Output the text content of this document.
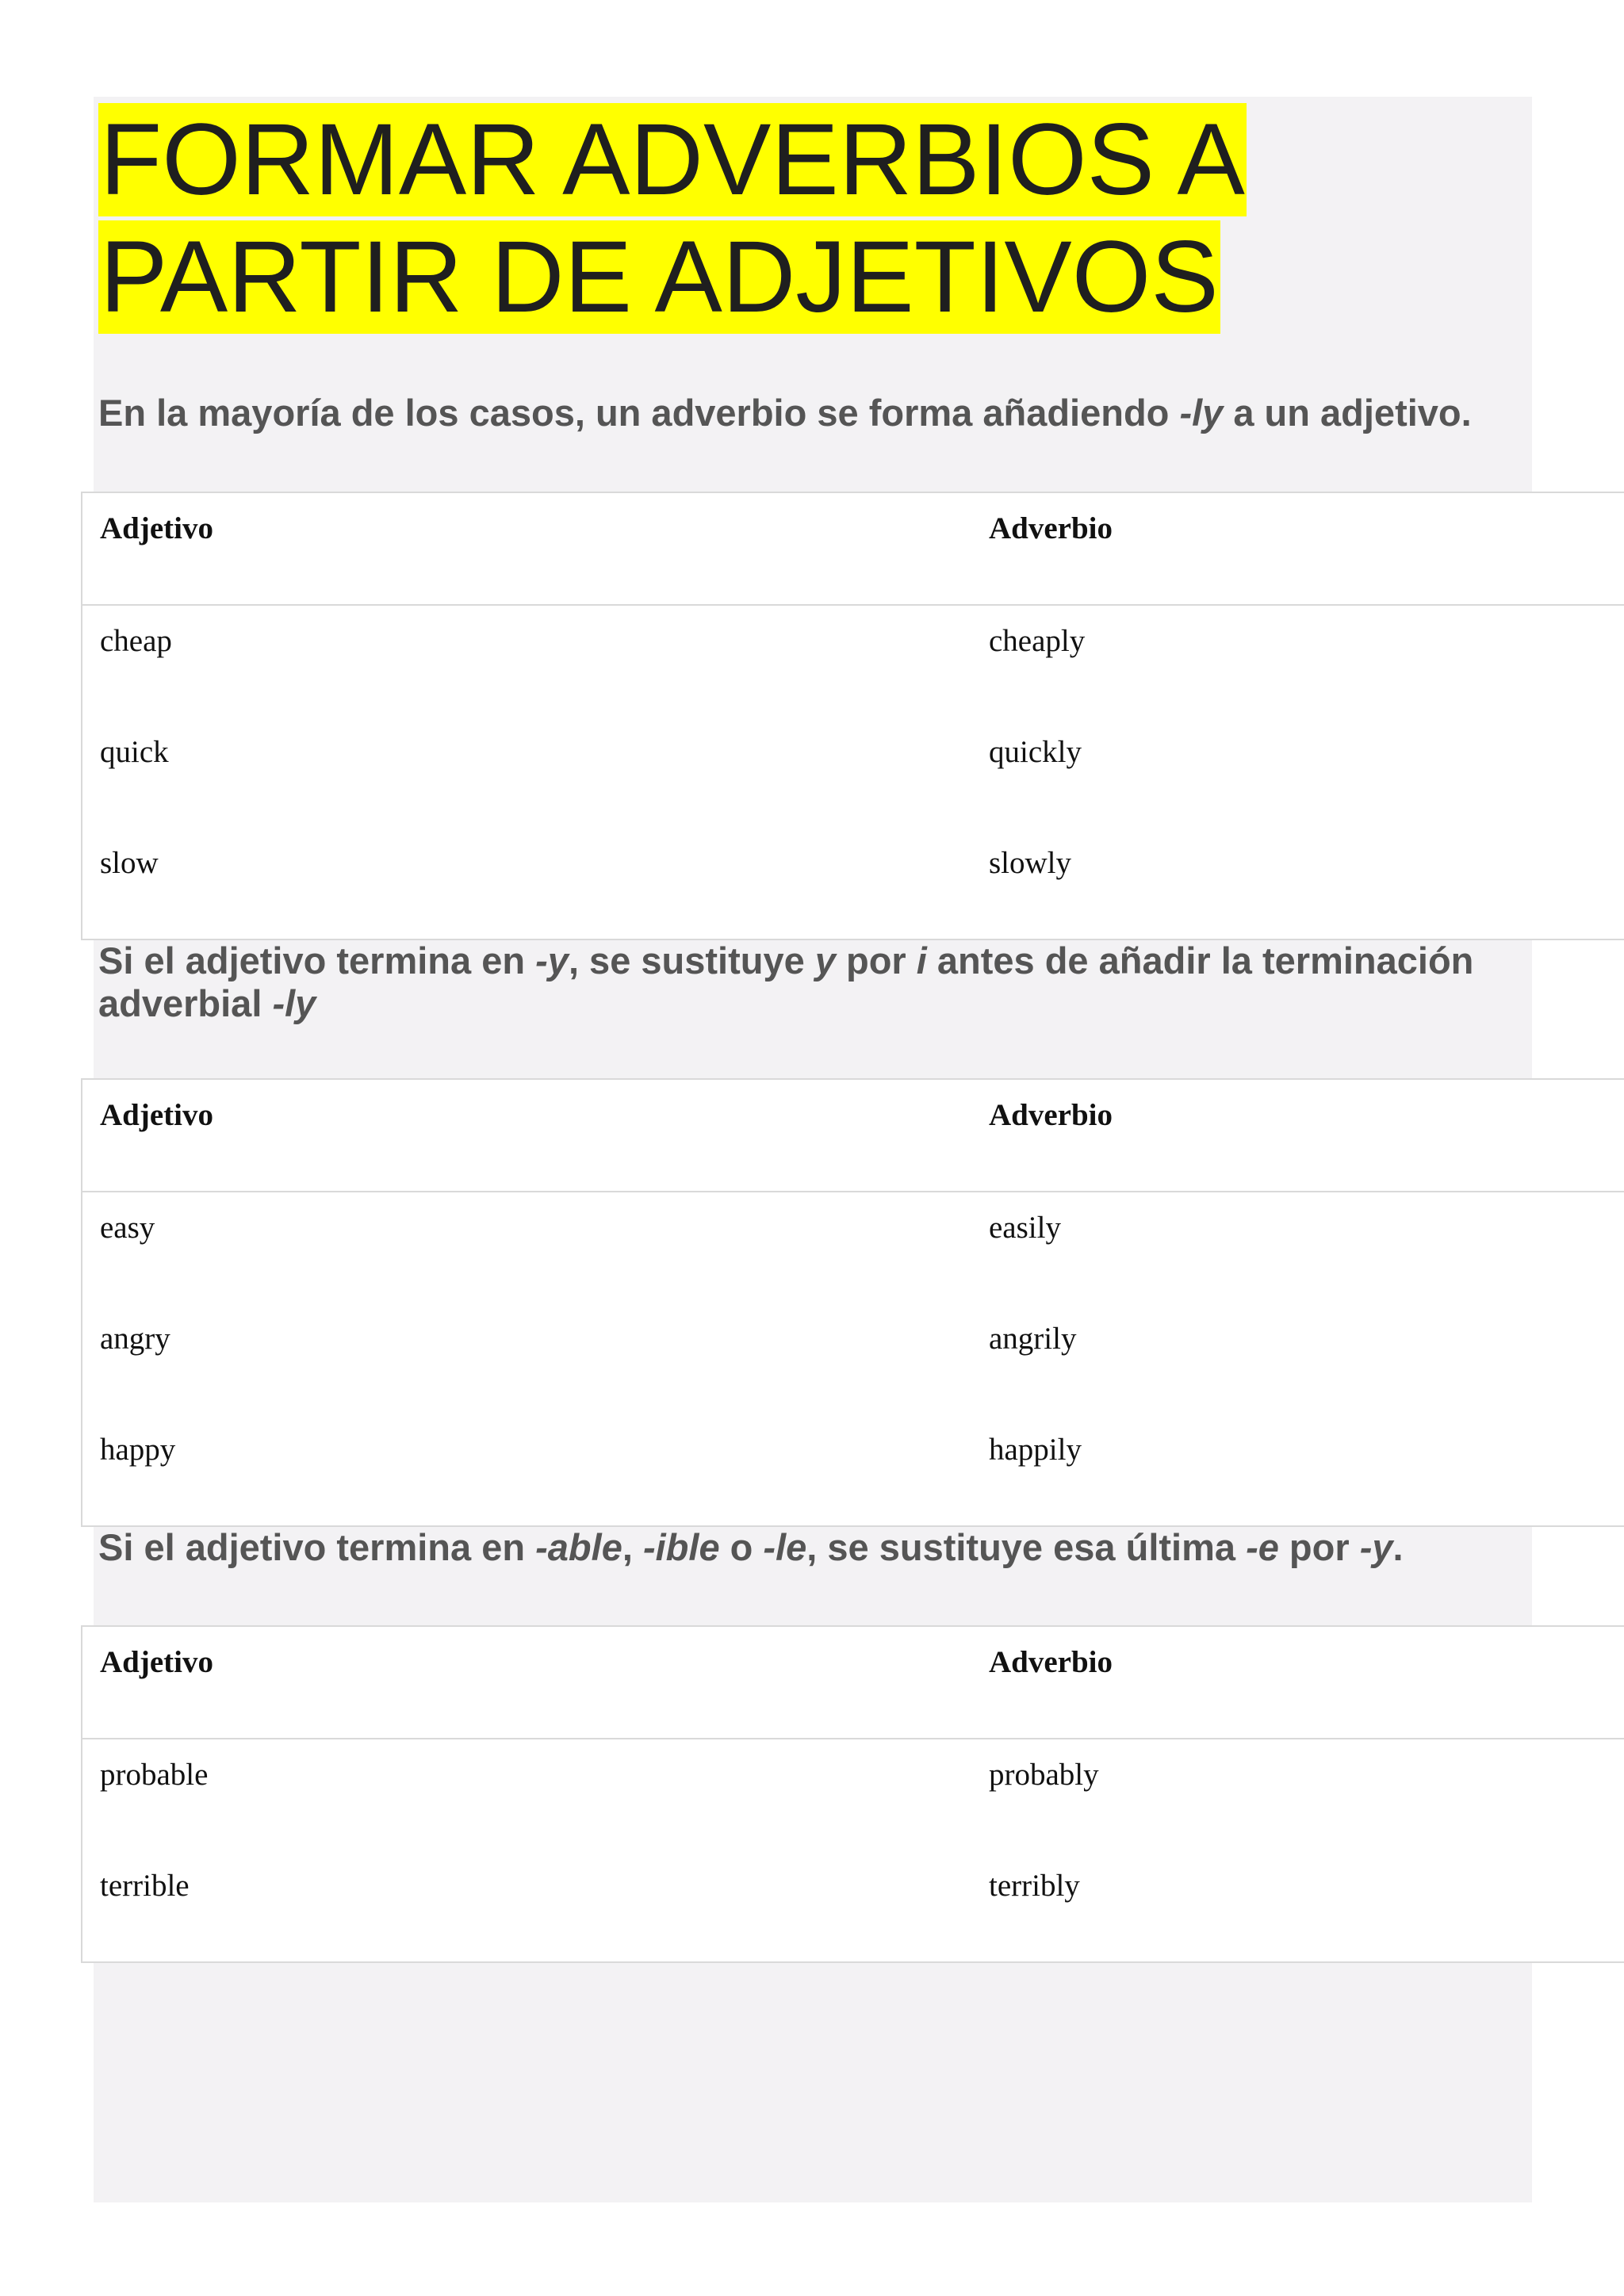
FORMAR ADVERBIOS A
PARTIR DE ADJETIVOS

En la mayoría de los casos, un adverbio se forma añadiendo -ly a un adjetivo.

Adjetivo	Adverbio
cheap	cheaply
quick	quickly
slow	slowly

Si el adjetivo termina en -y, se sustituye y por i antes de añadir la terminación adverbial -ly

Adjetivo	Adverbio
easy	easily
angry	angrily
happy	happily

Si el adjetivo termina en -able, -ible o -le, se sustituye esa última -e por -y.

Adjetivo	Adverbio
probable	probably
terrible	terribly
